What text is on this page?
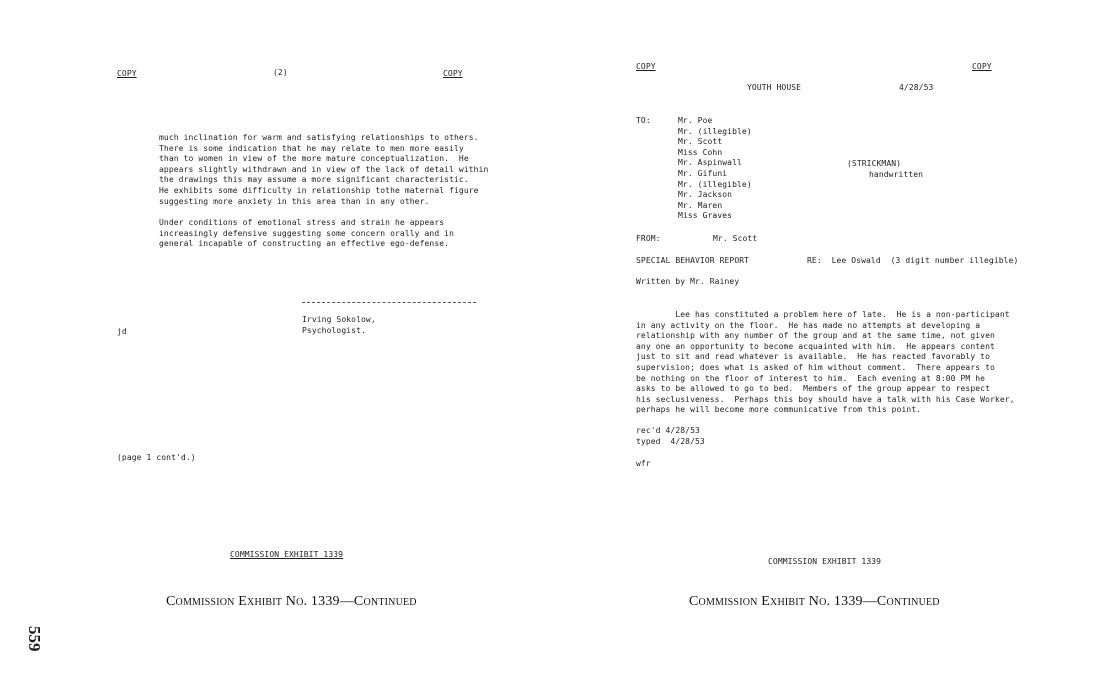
559
COPY	(2)	COPY
much inclination for warm and satisfying relationships to others.
There is some indication that he may relate to men more easily
than to women in view of the more mature conceptualization.  He
appears slightly withdrawn and in view of the lack of detail within
the drawings this may assume a more significant characteristic.
He exhibits some difficulty in relationship tothe maternal figure
suggesting more anxiety in this area than in any other.
Under conditions of emotional stress and strain he appears
increasingly defensive suggesting some concern orally and in
general incapable of constructing an effective ego-defense.
Irving Sokolow,
Psychologist.
jd
(page 1 cont'd.)
COMMISSION EXHIBIT 1339
Commission Exhibit No. 1339—Continued
COPY	COPY
YOUTH HOUSE	4/28/53
TO:	Mr. Poe
Mr. (illegible)
Mr. Scott
Miss Cohn
Mr. Aspinwall
Mr. Gifuni
Mr. (illegible)
Mr. Jackson
Mr. Maren
Miss Graves
(STRICKMAN)
handwritten
FROM:	Mr. Scott
SPECIAL BEHAVIOR REPORT	RE:  Lee Oswald  (3 digit number illegible)
Written by Mr. Rainey
Lee has constituted a problem here of late.  He is a non-participant
in any activity on the floor.  He has made no attempts at developing a
relationship with any number of the group and at the same time, not given
any one an opportunity to become acquainted with him.  He appears content
just to sit and read whatever is available.  He has reacted favorably to
supervision; does what is asked of him without comment.  There appears to
be nothing on the floor of interest to him.  Each evening at 8:00 PM he
asks to be allowed to go to bed.  Members of the group appear to respect
his seclusiveness.  Perhaps this boy should have a talk with his Case Worker,
perhaps he will become more communicative from this point.
rec'd 4/28/53
typed  4/28/53
wfr
COMMISSION EXHIBIT 1339
Commission Exhibit No. 1339—Continued
